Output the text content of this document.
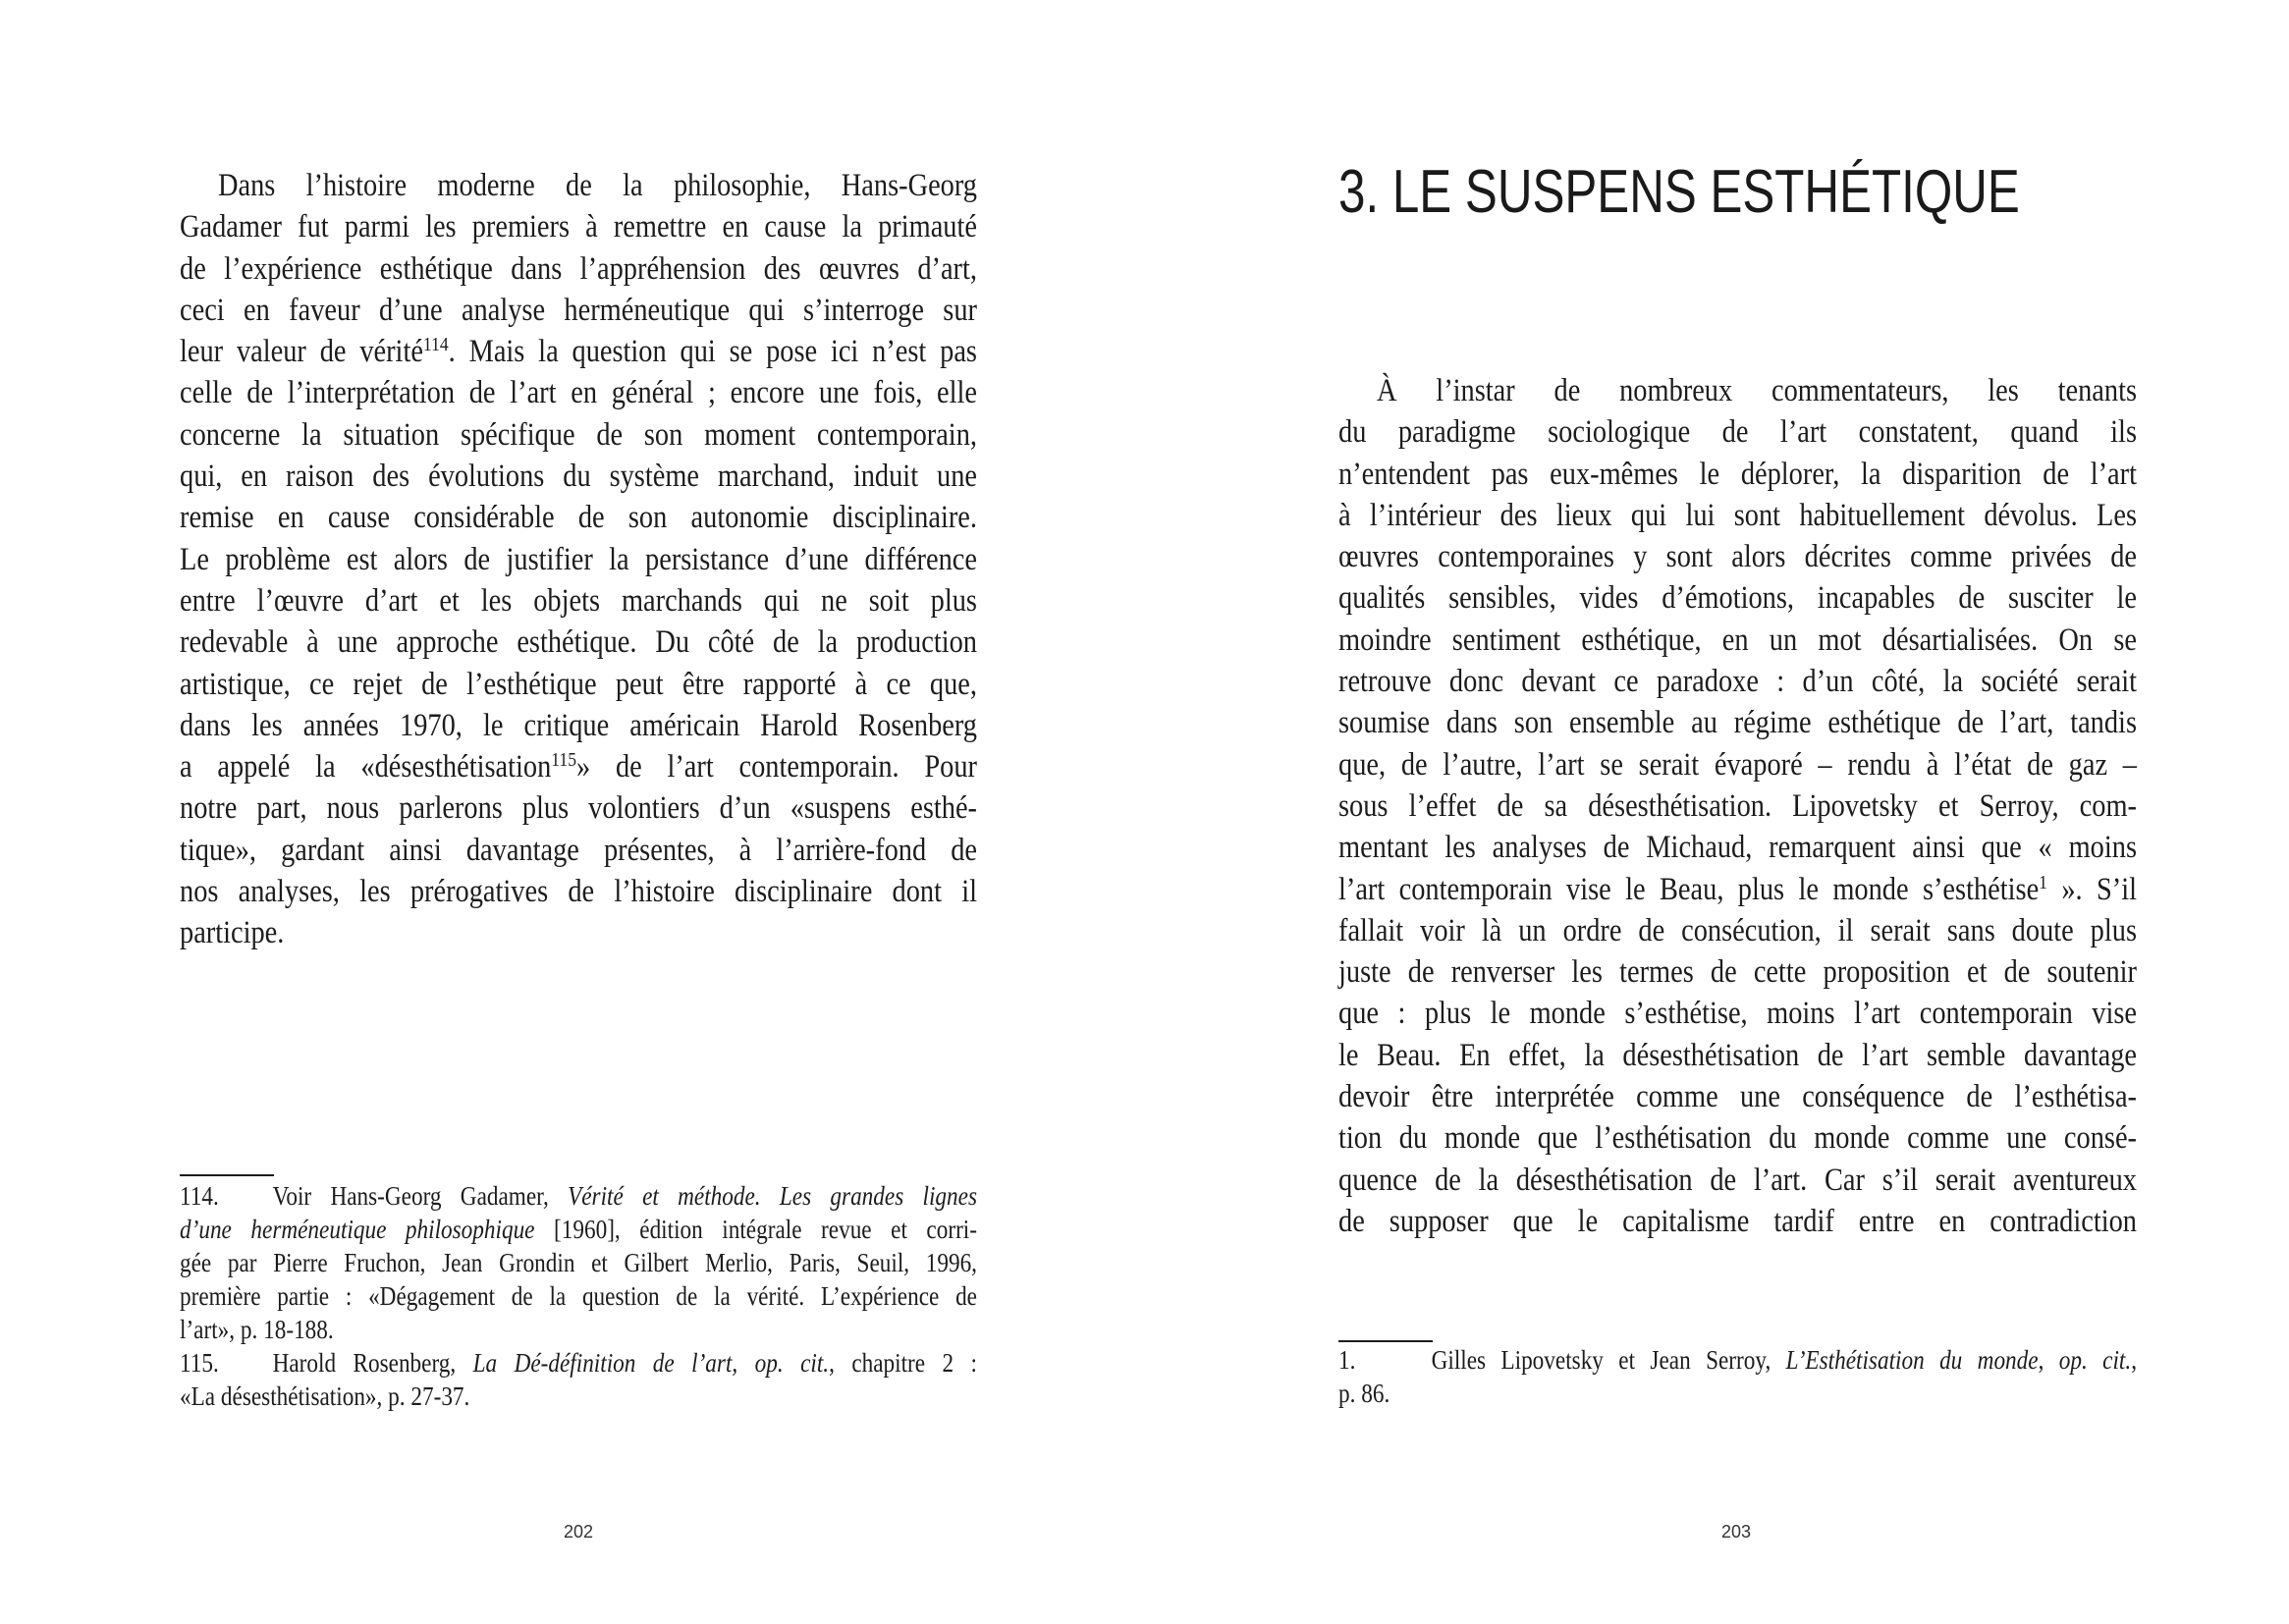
Dans l’histoire moderne de la philosophie, Hans-Georg
Gadamer fut parmi les premiers à remettre en cause la primauté
de l’expérience esthétique dans l’appréhension des œuvres d’art,
ceci en faveur d’une analyse herméneutique qui s’interroge sur
leur valeur de vérité$^{114}$. Mais la question qui se pose ici n’est pas
celle de l’interprétation de l’art en général ; encore une fois, elle
concerne la situation spécifique de son moment contemporain,
qui, en raison des évolutions du système marchand, induit une
remise en cause considérable de son autonomie disciplinaire.
Le problème est alors de justifier la persistance d’une différence
entre l’œuvre d’art et les objets marchands qui ne soit plus
redevable à une approche esthétique. Du côté de la production
artistique, ce rejet de l’esthétique peut être rapporté à ce que,
dans les années 1970, le critique américain Harold Rosenberg
a appelé la «désesthétisation$^{115}$» de l’art contemporain. Pour
notre part, nous parlerons plus volontiers d’un «suspens esthé-
tique», gardant ainsi davantage présentes, à l’arrière-fond de
nos analyses, les prérogatives de l’histoire disciplinaire dont il
participe.
114. Voir Hans-Georg Gadamer, Vérité et méthode. Les grandes lignes
d’une herméneutique philosophique [1960], édition intégrale revue et corri-
gée par Pierre Fruchon, Jean Grondin et Gilbert Merlio, Paris, Seuil, 1996,
première partie : «Dégagement de la question de la vérité. L’expérience de
l’art», p. 18-188.
115. Harold Rosenberg, La Dé-définition de l’art, op. cit., chapitre 2 :
«La désesthétisation», p. 27-37.
202
3. LE SUSPENS ESTHÉTIQUE
À l’instar de nombreux commentateurs, les tenants
du paradigme sociologique de l’art constatent, quand ils
n’entendent pas eux-mêmes le déplorer, la disparition de l’art
à l’intérieur des lieux qui lui sont habituellement dévolus. Les
œuvres contemporaines y sont alors décrites comme privées de
qualités sensibles, vides d’émotions, incapables de susciter le
moindre sentiment esthétique, en un mot désartialisées. On se
retrouve donc devant ce paradoxe : d’un côté, la société serait
soumise dans son ensemble au régime esthétique de l’art, tandis
que, de l’autre, l’art se serait évaporé – rendu à l’état de gaz –
sous l’effet de sa désesthétisation. Lipovetsky et Serroy, com-
mentant les analyses de Michaud, remarquent ainsi que « moins
l’art contemporain vise le Beau, plus le monde s’esthétise$^1$ ». S’il
fallait voir là un ordre de consécution, il serait sans doute plus
juste de renverser les termes de cette proposition et de soutenir
que : plus le monde s’esthétise, moins l’art contemporain vise
le Beau. En effet, la désesthétisation de l’art semble davantage
devoir être interprétée comme une conséquence de l’esthétisa-
tion du monde que l’esthétisation du monde comme une consé-
quence de la désesthétisation de l’art. Car s’il serait aventureux
de supposer que le capitalisme tardif entre en contradiction
1.	Gilles Lipovetsky et Jean Serroy, L’Esthétisation du monde, op. cit.,
p. 86.
203
